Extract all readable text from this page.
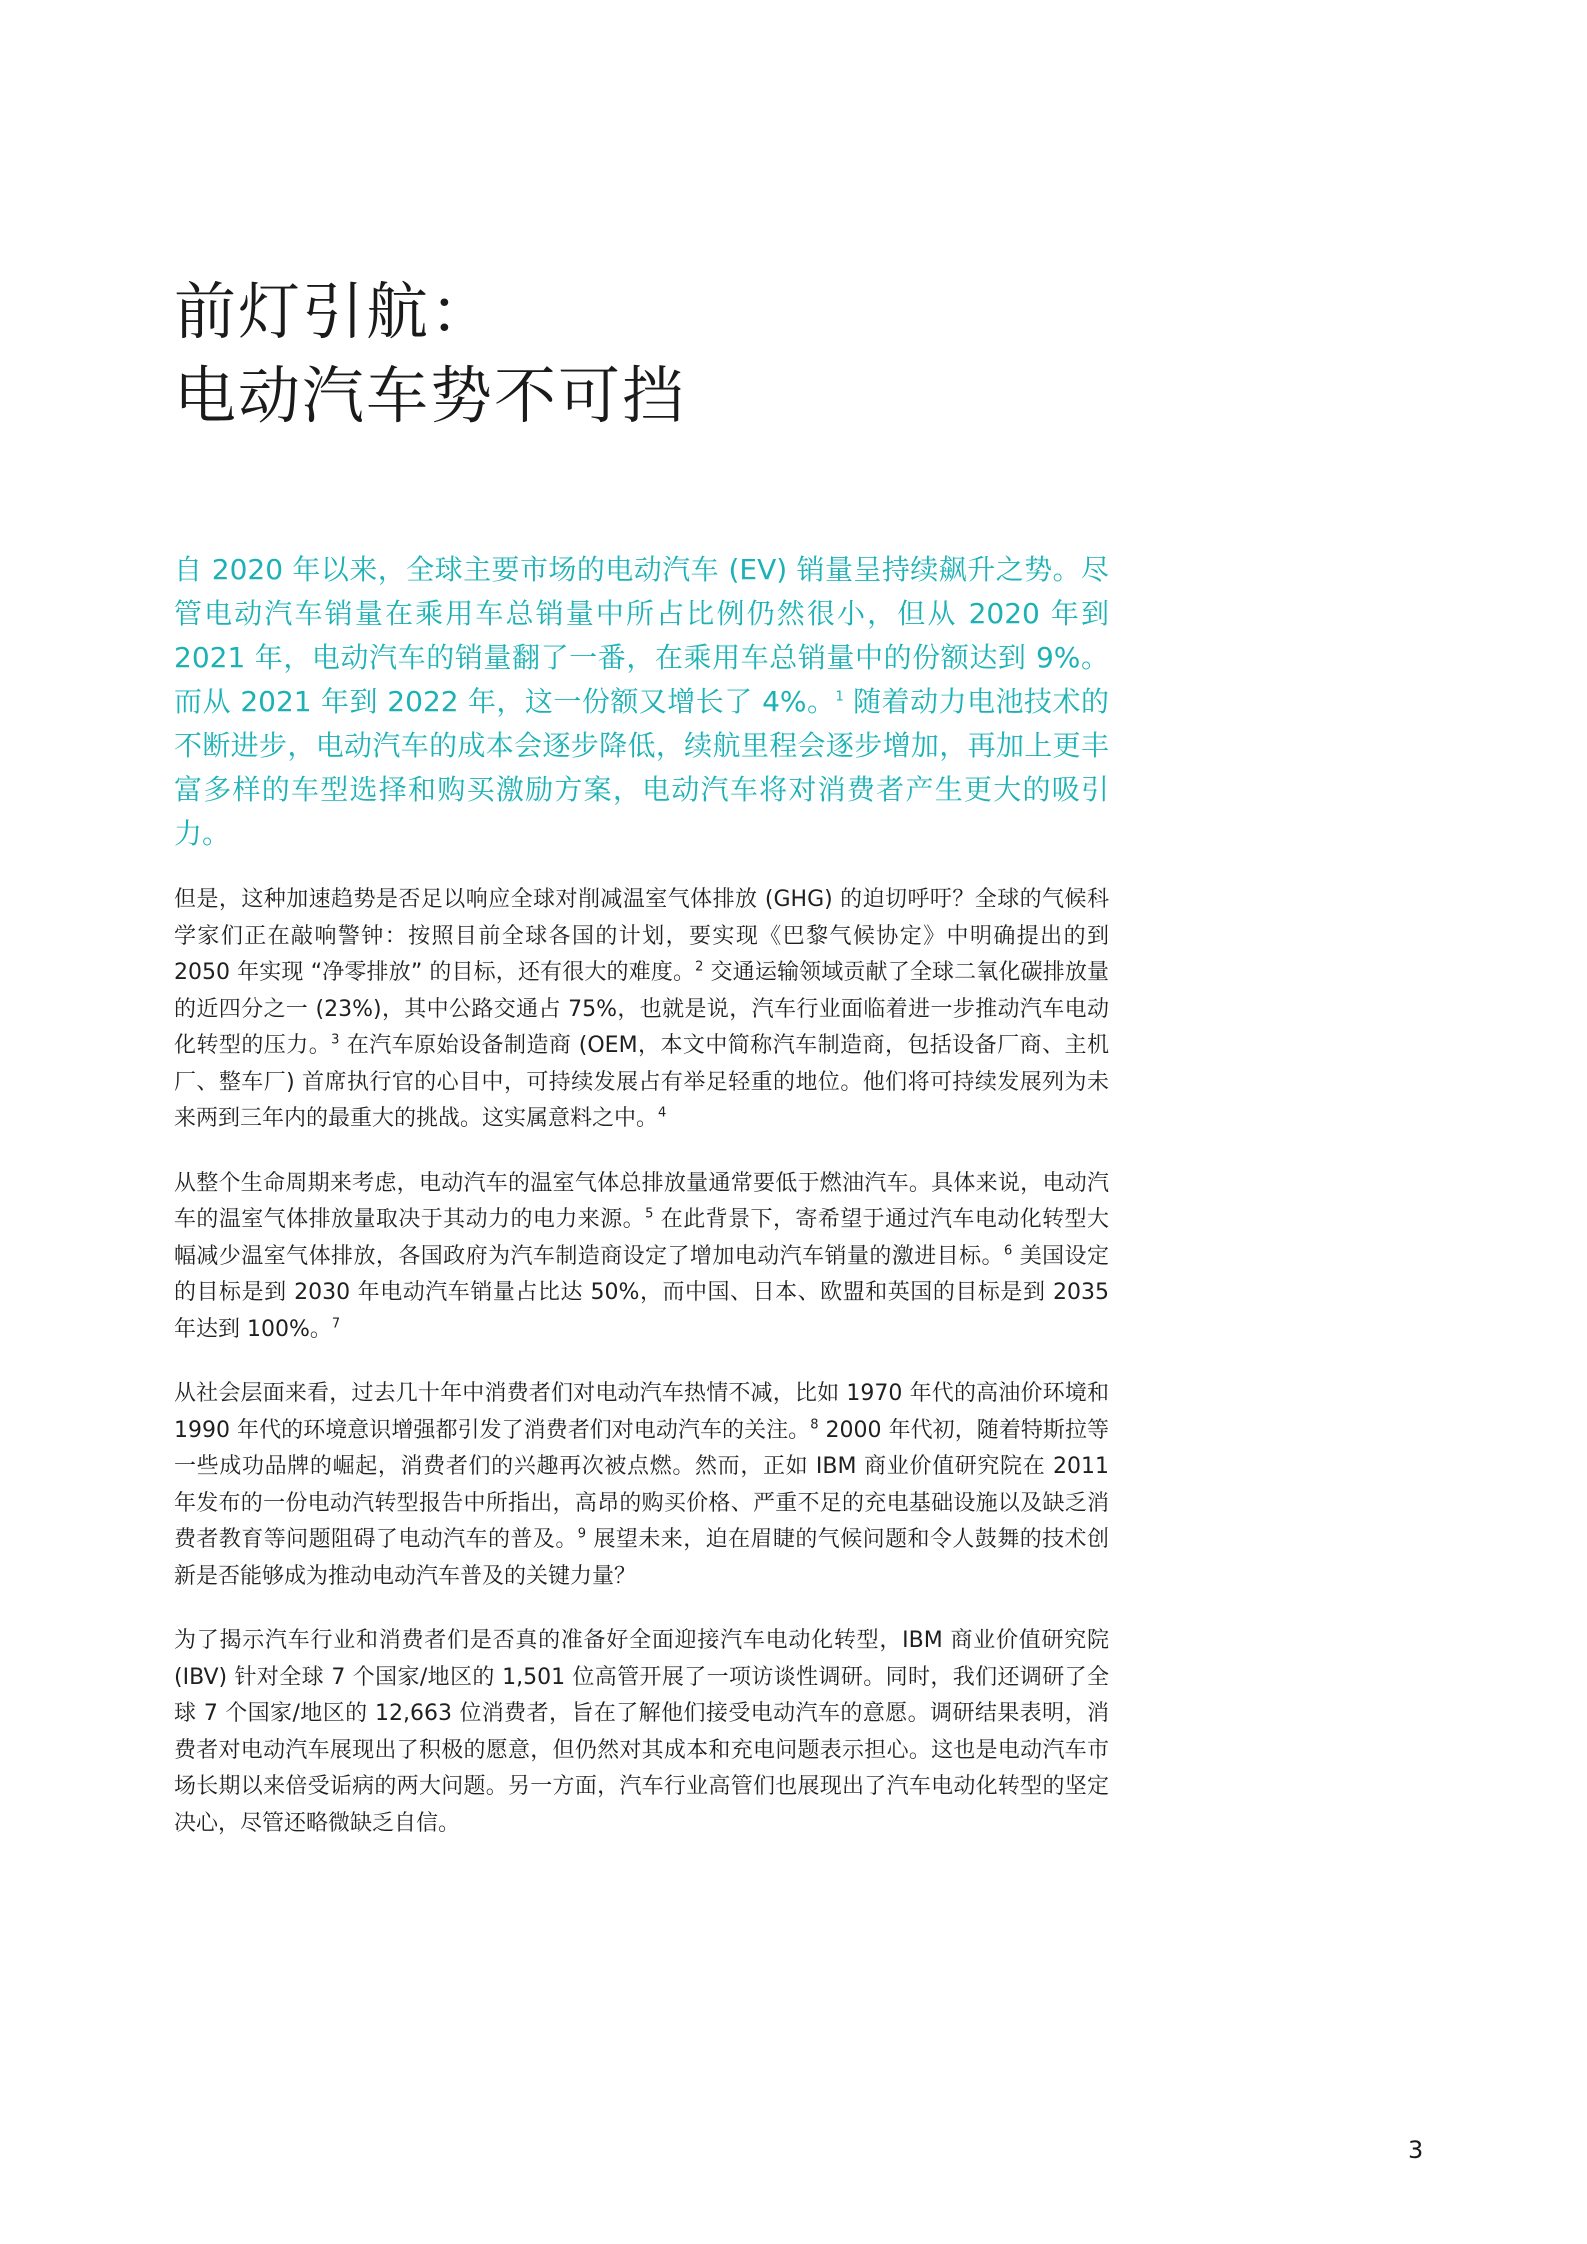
前灯引航：
电动汽车势不可挡

自 2020 年以来，全球主要市场的电动汽车 (EV) 销量呈持续飙升之势。尽管电动汽车销量在乘用车总销量中所占比例仍然很小，但从 2020 年到 2021 年，电动汽车的销量翻了一番，在乘用车总销量中的份额达到 9%。而从 2021 年到 2022 年，这一份额又增长了 4%。$^1$ 随着动力电池技术的不断进步，电动汽车的成本会逐步降低，续航里程会逐步增加，再加上更丰富多样的车型选择和购买激励方案，电动汽车将对消费者产生更大的吸引力。

但是，这种加速趋势是否足以响应全球对削减温室气体排放 (GHG) 的迫切呼吁？全球的气候科学家们正在敲响警钟：按照目前全球各国的计划，要实现《巴黎气候协定》中明确提出的到 2050 年实现 “净零排放” 的目标，还有很大的难度。$^2$ 交通运输领域贡献了全球二氧化碳排放量的近四分之一 (23%)，其中公路交通占 75%，也就是说，汽车行业面临着进一步推动汽车电动化转型的压力。$^3$ 在汽车原始设备制造商 (OEM，本文中简称汽车制造商，包括设备厂商、主机厂、整车厂) 首席执行官的心目中，可持续发展占有举足轻重的地位。他们将可持续发展列为未来两到三年内的最重大的挑战。这实属意料之中。$^4$

从整个生命周期来考虑，电动汽车的温室气体总排放量通常要低于燃油汽车。具体来说，电动汽车的温室气体排放量取决于其动力的电力来源。$^5$ 在此背景下，寄希望于通过汽车电动化转型大幅减少温室气体排放，各国政府为汽车制造商设定了增加电动汽车销量的激进目标。$^6$ 美国设定的目标是到 2030 年电动汽车销量占比达 50%，而中国、日本、欧盟和英国的目标是到 2035 年达到 100%。$^7$

从社会层面来看，过去几十年中消费者们对电动汽车热情不减，比如 1970 年代的高油价环境和 1990 年代的环境意识增强都引发了消费者们对电动汽车的关注。$^8$ 2000 年代初，随着特斯拉等一些成功品牌的崛起，消费者们的兴趣再次被点燃。然而，正如 IBM 商业价值研究院在 2011 年发布的一份电动汽转型报告中所指出，高昂的购买价格、严重不足的充电基础设施以及缺乏消费者教育等问题阻碍了电动汽车的普及。$^9$ 展望未来，迫在眉睫的气候问题和令人鼓舞的技术创新是否能够成为推动电动汽车普及的关键力量？

为了揭示汽车行业和消费者们是否真的准备好全面迎接汽车电动化转型，IBM 商业价值研究院 (IBV) 针对全球 7 个国家/地区的 1,501 位高管开展了一项访谈性调研。同时，我们还调研了全球 7 个国家/地区的 12,663 位消费者，旨在了解他们接受电动汽车的意愿。调研结果表明，消费者对电动汽车展现出了积极的愿意，但仍然对其成本和充电问题表示担心。这也是电动汽车市场长期以来倍受诟病的两大问题。另一方面，汽车行业高管们也展现出了汽车电动化转型的坚定决心，尽管还略微缺乏自信。

3
